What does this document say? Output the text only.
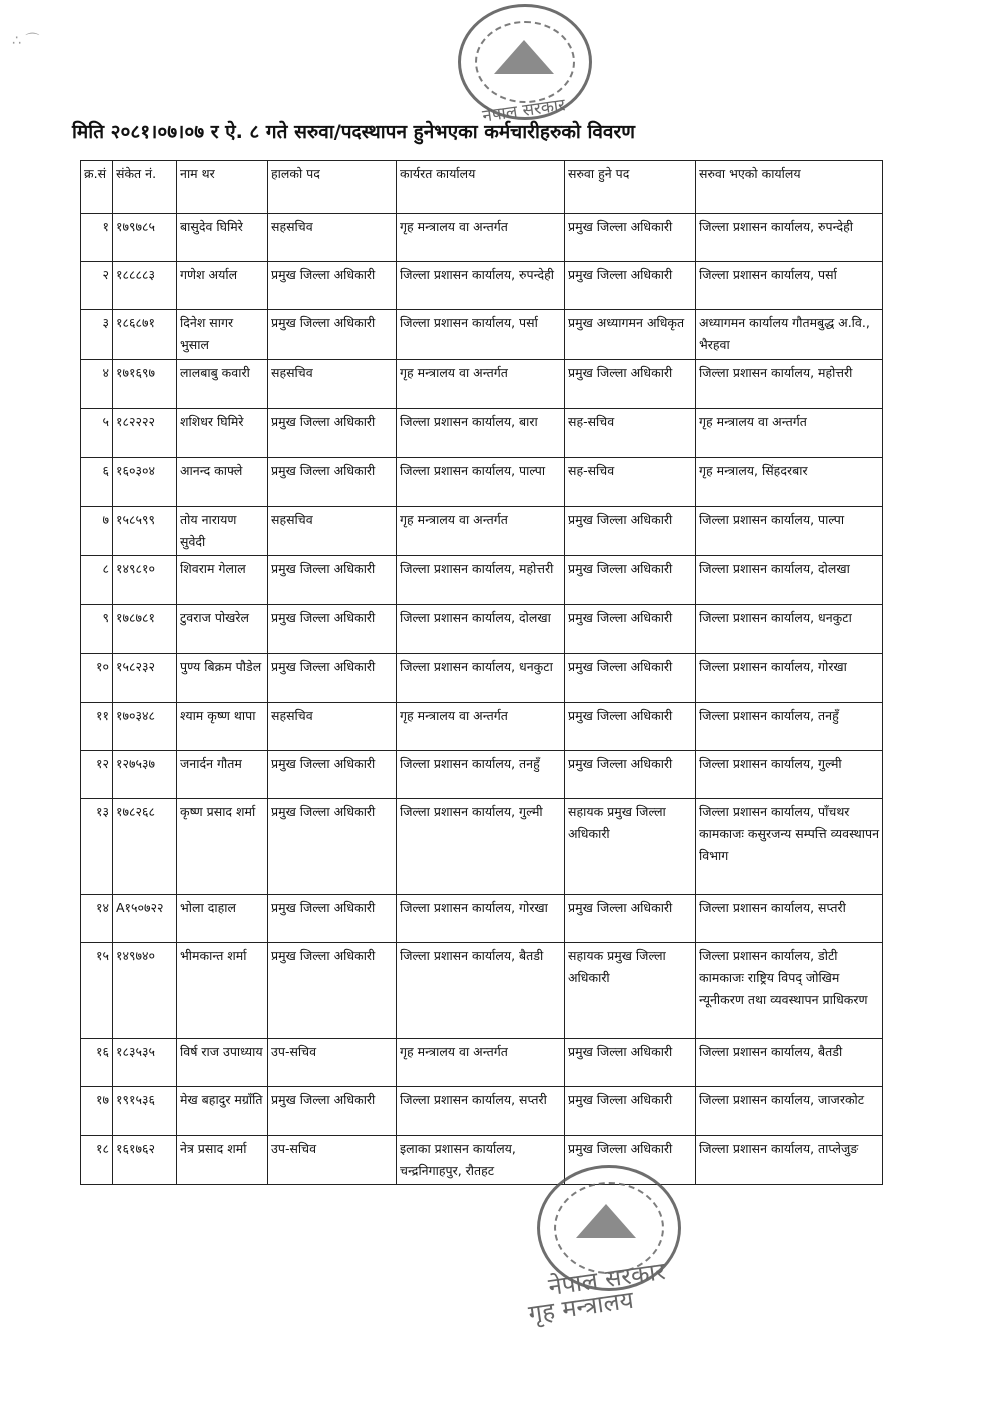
∴ ⌒
नेपाल सरकार
मिति २०८१।०७।०७ र ऐ. ८ गते सरुवा/पदस्थापन हुनेभएका कर्मचारीहरुको विवरण
क्र.सं	संकेत नं.	नाम थर	हालको पद	कार्यरत कार्यालय	सरुवा हुने पद	सरुवा भएको कार्यालय
१	१७९७८५	बासुदेव घिमिरे	सहसचिव	गृह मन्त्रालय वा अन्तर्गत	प्रमुख जिल्ला अधिकारी	जिल्ला प्रशासन कार्यालय, रुपन्देही
२	१८८८८३	गणेश अर्याल	प्रमुख जिल्ला अधिकारी	जिल्ला प्रशासन कार्यालय, रुपन्देही	प्रमुख जिल्ला अधिकारी	जिल्ला प्रशासन कार्यालय, पर्सा
३	१८६८७१	दिनेश सागर भुसाल	प्रमुख जिल्ला अधिकारी	जिल्ला प्रशासन कार्यालय, पर्सा	प्रमुख अध्यागमन अधिकृत	अध्यागमन कार्यालय गौतमबुद्ध अ.वि., भैरहवा
४	१७१६९७	लालबाबु कवारी	सहसचिव	गृह मन्त्रालय वा अन्तर्गत	प्रमुख जिल्ला अधिकारी	जिल्ला प्रशासन कार्यालय, महोत्तरी
५	१८२२२२	शशिधर घिमिरे	प्रमुख जिल्ला अधिकारी	जिल्ला प्रशासन कार्यालय, बारा	सह-सचिव	गृह मन्त्रालय वा अन्तर्गत
६	१६०३०४	आनन्द काफ्ले	प्रमुख जिल्ला अधिकारी	जिल्ला प्रशासन कार्यालय, पाल्पा	सह-सचिव	गृह मन्त्रालय, सिंहदरबार
७	१५८५९९	तोय नारायण सुवेदी	सहसचिव	गृह मन्त्रालय वा अन्तर्गत	प्रमुख जिल्ला अधिकारी	जिल्ला प्रशासन कार्यालय, पाल्पा
८	१४९८१०	शिवराम गेलाल	प्रमुख जिल्ला अधिकारी	जिल्ला प्रशासन कार्यालय, महोत्तरी	प्रमुख जिल्ला अधिकारी	जिल्ला प्रशासन कार्यालय, दोलखा
९	१७८७८१	टुवराज पोखरेल	प्रमुख जिल्ला अधिकारी	जिल्ला प्रशासन कार्यालय, दोलखा	प्रमुख जिल्ला अधिकारी	जिल्ला प्रशासन कार्यालय, धनकुटा
१०	१५८२३२	पुण्य बिक्रम पौडेल	प्रमुख जिल्ला अधिकारी	जिल्ला प्रशासन कार्यालय, धनकुटा	प्रमुख जिल्ला अधिकारी	जिल्ला प्रशासन कार्यालय, गोरखा
११	१७०३४८	श्याम कृष्ण थापा	सहसचिव	गृह मन्त्रालय वा अन्तर्गत	प्रमुख जिल्ला अधिकारी	जिल्ला प्रशासन कार्यालय, तनहुँ
१२	१२७५३७	जनार्दन गौतम	प्रमुख जिल्ला अधिकारी	जिल्ला प्रशासन कार्यालय, तनहुँ	प्रमुख जिल्ला अधिकारी	जिल्ला प्रशासन कार्यालय, गुल्मी
१३	१७८२६८	कृष्ण प्रसाद शर्मा	प्रमुख जिल्ला अधिकारी	जिल्ला प्रशासन कार्यालय, गुल्मी	सहायक प्रमुख जिल्ला अधिकारी	जिल्ला प्रशासन कार्यालय, पाँचथर कामकाजः कसुरजन्य सम्पत्ति व्यवस्थापन विभाग
१४	A१५०७२२	भोला दाहाल	प्रमुख जिल्ला अधिकारी	जिल्ला प्रशासन कार्यालय, गोरखा	प्रमुख जिल्ला अधिकारी	जिल्ला प्रशासन कार्यालय, सप्तरी
१५	१४९७४०	भीमकान्त शर्मा	प्रमुख जिल्ला अधिकारी	जिल्ला प्रशासन कार्यालय, बैतडी	सहायक प्रमुख जिल्ला अधिकारी	जिल्ला प्रशासन कार्यालय, डोटी कामकाजः राष्ट्रिय विपद् जोखिम न्यूनीकरण तथा व्यवस्थापन प्राधिकरण
१६	१८३५३५	विर्ष राज उपाध्याय	उप-सचिव	गृह मन्त्रालय वा अन्तर्गत	प्रमुख जिल्ला अधिकारी	जिल्ला प्रशासन कार्यालय, बैतडी
१७	१९१५३६	मेख बहादुर मग्राँति	प्रमुख जिल्ला अधिकारी	जिल्ला प्रशासन कार्यालय, सप्तरी	प्रमुख जिल्ला अधिकारी	जिल्ला प्रशासन कार्यालय, जाजरकोट
१८	१६१७६२	नेत्र प्रसाद शर्मा	उप-सचिव	इलाका प्रशासन कार्यालय, चन्द्रनिगाहपुर, रौतहट	प्रमुख जिल्ला अधिकारी	जिल्ला प्रशासन कार्यालय, ताप्लेजुङ
नेपाल सरकार
गृह मन्त्रालय
